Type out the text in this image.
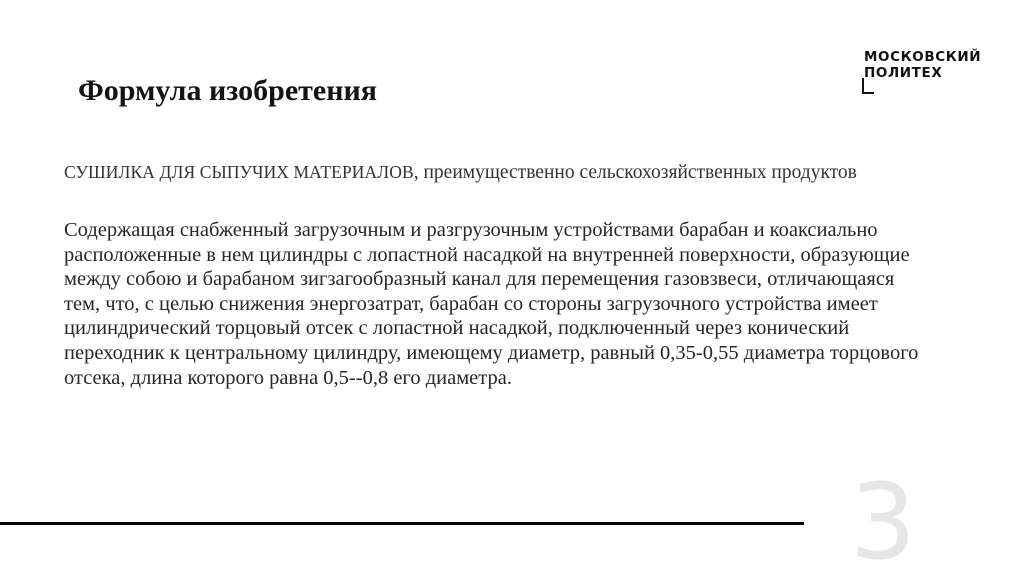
МОСКОВСКИЙ
ПОЛИТЕХ
Формула изобретения
СУШИЛКА ДЛЯ СЫПУЧИХ МАТЕРИАЛОВ, преимущественно сельскохозяйственных продуктов
Содержащая снабженный загрузочным и разгрузочным устройствами барабан и коаксиально расположенные в нем цилиндры с лопастной насадкой на внутренней поверхности, образующие между собою и барабаном зигзагообразный канал для перемещения газовзвеси, отличающаяся тем, что, с целью снижения энергозатрат, барабан со стороны загрузочного устройства имеет цилиндрический торцовый отсек с лопастной насадкой, подключенный через конический переходник к центральному цилиндру, имеющему диаметр, равный 0,35-0,55 диаметра торцового отсека, длина которого равна 0,5--0,8 его диаметра.
3
